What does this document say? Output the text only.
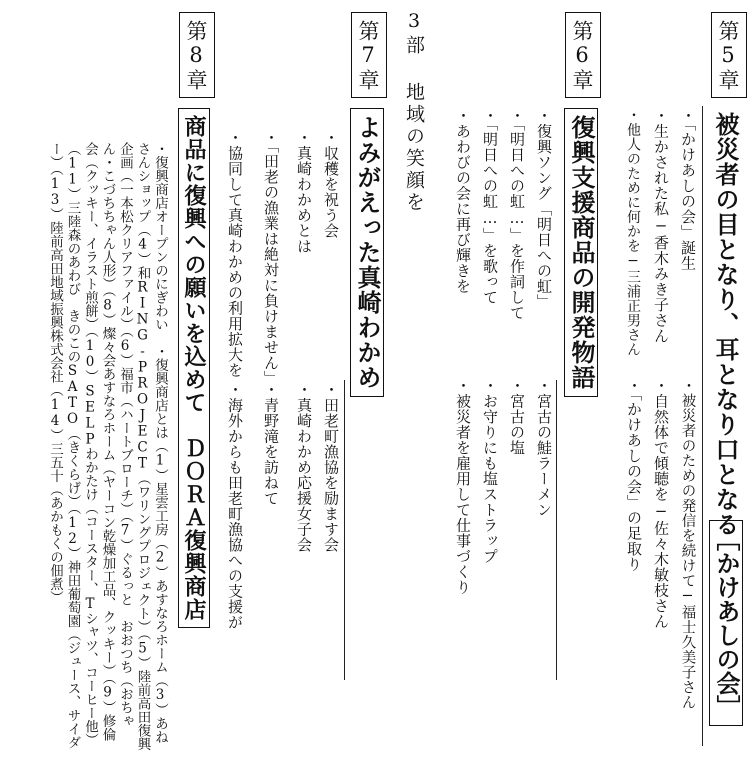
第5章
被災者の目となり、耳となり口となる
［かけあしの会］
・「かけあしの会」誕生
・生かされた私−香木みき子さん
・他人のために何かを−三浦正男さん
・被災者のための発信を続けて−福士久美子さん
・自然体で傾聴を−佐々木敏枝さん
・「かけあしの会」の足取り
第6章
復興支援商品の開発物語
・復興ソング「明日への虹」
・「明日への虹…」を作詞して
・「明日への虹…」を歌って
・あわびの会に再び輝きを
・宮古の鮭ラーメン
・宮古の塩
・お守りにも塩ストラップ
・被災者を雇用して仕事づくり
3部 地域の笑顔を
第7章
よみがえった真崎わかめ
・収穫を祝う会
・真崎わかめとは
・「田老の漁業は絶対に負けません」
・協同して真崎わかめの利用拡大を
・田老町漁協を励ます会
・真崎わかめ応援女子会
・青野滝を訪ねて
・海外からも田老町漁協への支援が
第8章
商品に復興への願いを込めて　ＤＯＲＡ復興商店
・復興商店オープンのにぎわい　・復興商店とは（1）星雲工房（2）あすなろホーム（3）あねさんショップ（4）和RING-PROJECT（ワリングプロジェクト）（5）陸前高田復興企画（一本松クリアファイル）（6）福市（ハートブローチ）（7）ぐるっと　おおつち（おちゃん・こづちちゃん人形）（8）燦々会あすなろホーム（ヤーコン乾燥加工品、クッキー）（9）修倫会（クッキー、イラスト煎餅）（10）SELPわかたけ（コースター、Tシャツ、コーヒー他）（11）三陸森のあわび　きのこのSATO（きくらげ）（12）神田葡萄園（ジュース、サイダー）（13）陸前高田地域振興株式会社（14）三五十（あかもくの佃煮）
